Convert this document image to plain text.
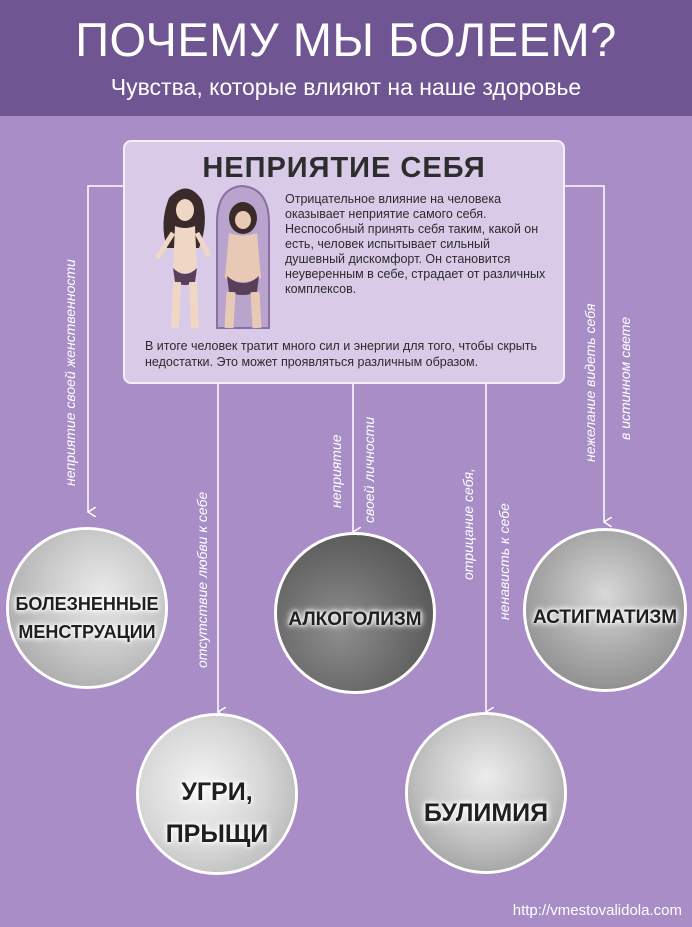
ПОЧЕМУ МЫ БОЛЕЕМ?
Чувства, которые влияют на наше здоровье
НЕПРИЯТИЕ СЕБЯ
Отрицательное влияние на человека оказывает неприятие самого себя. Неспособный принять себя таким, какой он есть, человек испытывает сильный душевный дискомфорт. Он становится неуверенным в себе, страдает от различных комплексов.
В итоге человек тратит много сил и энергии для того, чтобы скрыть недостатки. Это может проявляться различным образом.
неприятие своей женственности
отсутствие любви к себе
неприятие своей личности	отрицание себя, ненависть к себе
нежелание видеть себя в истинном свете
БОЛЕЗНЕННЫЕ
МЕНСТРУАЦИИ
АЛКОГОЛИЗМ	АСТИГМАТИЗМ
УГРИ,
ПРЫЩИ
БУЛИМИЯ
http://vmestovalidola.com
